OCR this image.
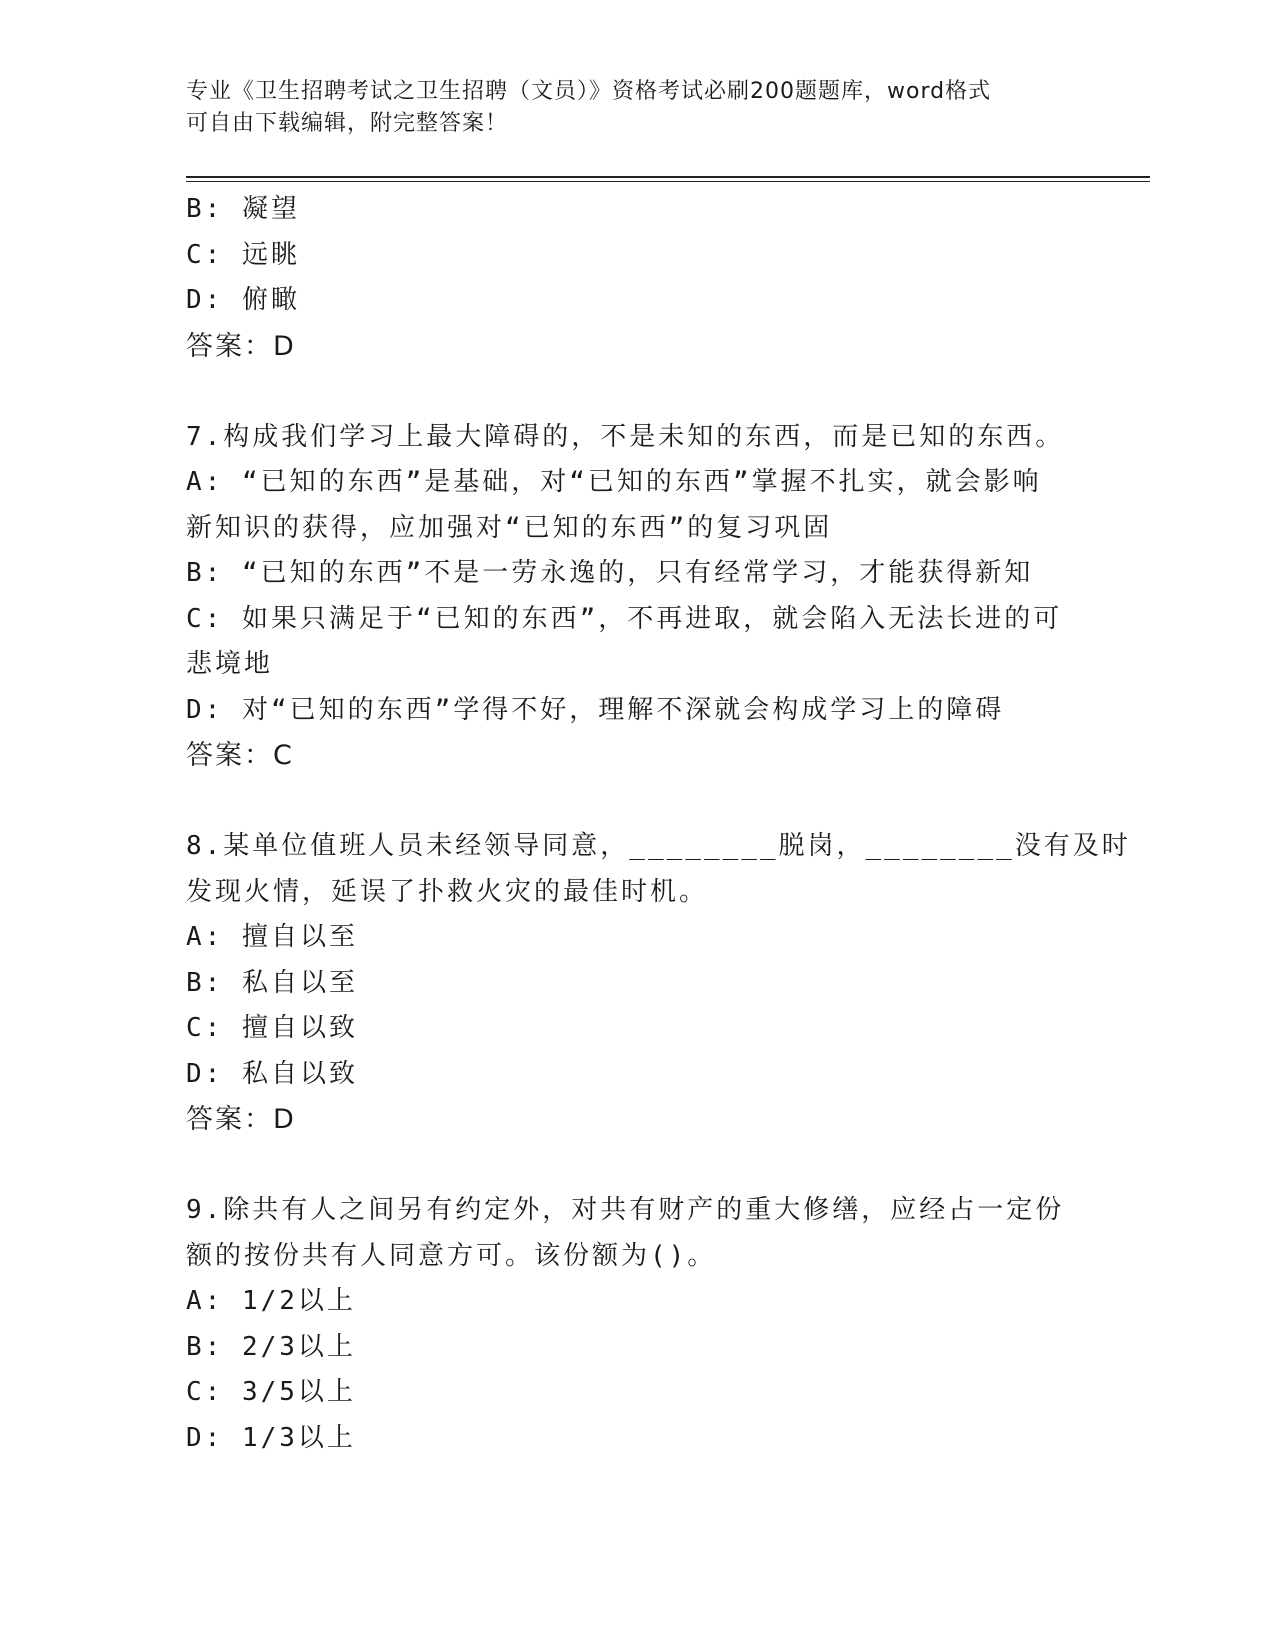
专业《卫生招聘考试之卫生招聘（文员）》资格考试必刷200题题库，word格式
可自由下载编辑，附完整答案！
B: 凝望
C: 远眺
D: 俯瞰
答案：D
7.构成我们学习上最大障碍的，不是未知的东西，而是已知的东西。
A: “已知的东西”是基础，对“已知的东西”掌握不扎实，就会影响
新知识的获得，应加强对“已知的东西”的复习巩固
B: “已知的东西”不是一劳永逸的，只有经常学习，才能获得新知
C: 如果只满足于“已知的东西”，不再进取，就会陷入无法长进的可
悲境地
D: 对“已知的东西”学得不好，理解不深就会构成学习上的障碍
答案：C
8.某单位值班人员未经领导同意，________脱岗，________没有及时
发现火情，延误了扑救火灾的最佳时机。
A: 擅自以至
B: 私自以至
C: 擅自以致
D: 私自以致
答案：D
9.除共有人之间另有约定外，对共有财产的重大修缮，应经占一定份
额的按份共有人同意方可。该份额为()。
A: 1/2以上
B: 2/3以上
C: 3/5以上
D: 1/3以上
